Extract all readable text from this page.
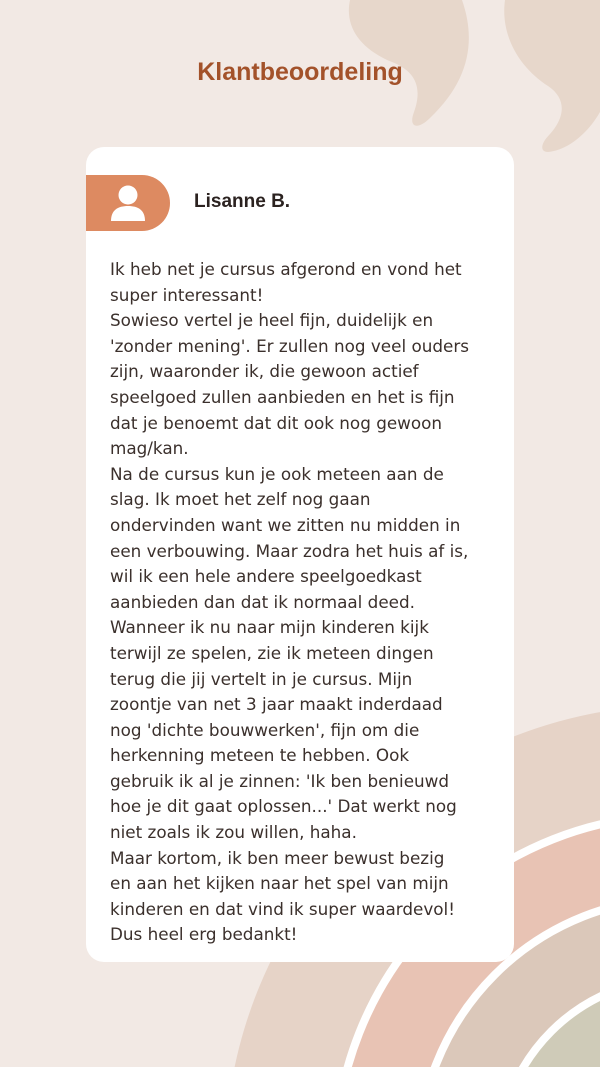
Klantbeoordeling
Lisanne B.

Ik heb net je cursus afgerond en vond het
super interessant!
Sowieso vertel je heel fijn, duidelijk en
'zonder mening'. Er zullen nog veel ouders
zijn, waaronder ik, die gewoon actief
speelgoed zullen aanbieden en het is fijn
dat je benoemt dat dit ook nog gewoon
mag/kan.
Na de cursus kun je ook meteen aan de
slag. Ik moet het zelf nog gaan
ondervinden want we zitten nu midden in
een verbouwing. Maar zodra het huis af is,
wil ik een hele andere speelgoedkast
aanbieden dan dat ik normaal deed.
Wanneer ik nu naar mijn kinderen kijk
terwijl ze spelen, zie ik meteen dingen
terug die jij vertelt in je cursus. Mijn
zoontje van net 3 jaar maakt inderdaad
nog 'dichte bouwwerken', fijn om die
herkenning meteen te hebben. Ook
gebruik ik al je zinnen: 'Ik ben benieuwd
hoe je dit gaat oplossen...' Dat werkt nog
niet zoals ik zou willen, haha.
Maar kortom, ik ben meer bewust bezig
en aan het kijken naar het spel van mijn
kinderen en dat vind ik super waardevol!
Dus heel erg bedankt!
